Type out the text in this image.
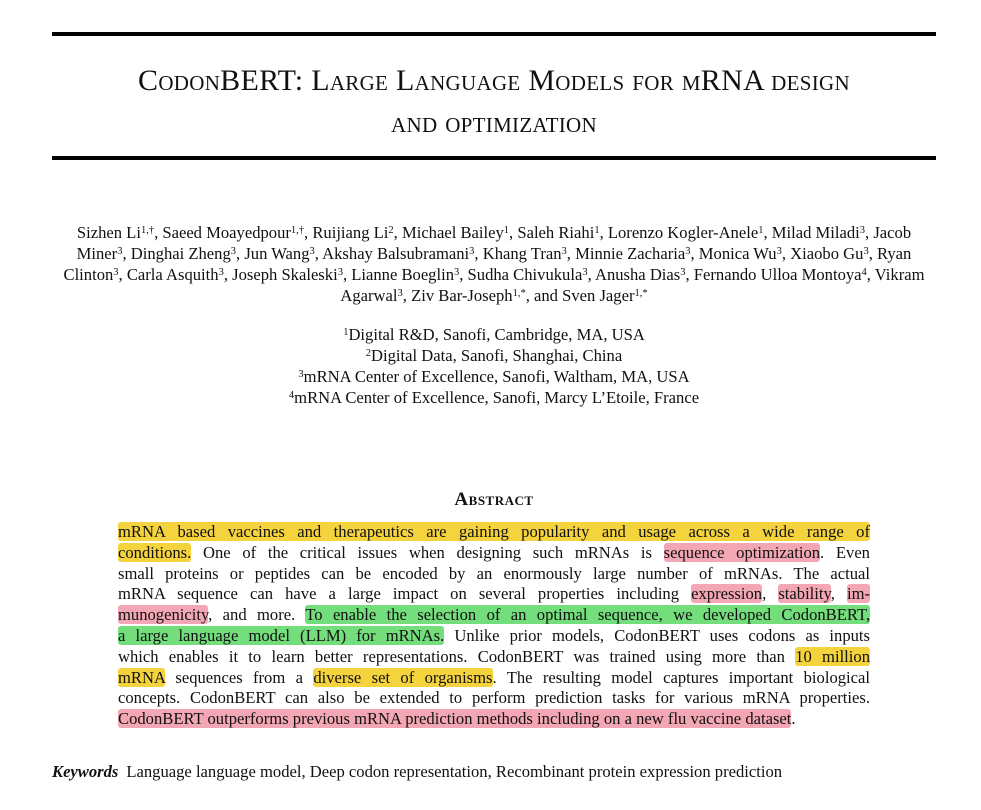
CodonBERT: Large Language Models for mRNA design
and optimization
Sizhen $Li^{1,\dagger}$, Saeed Moayedpour$^{1,\dagger}$, Ruijiang Li$^2$, Michael Bailey$^1$, Saleh Riahi$^1$, Lorenzo Kogler-Anele$^1$, Milad Miladi$^3$, Jacob Miner$^3$, Dinghai Zheng$^3$, Jun Wang$^3$, Akshay Balsubramani$^3$, Khang Tran$^3$, Minnie Zacharia$^3$, Monica Wu$^3$, Xiaobo Gu$^3$, Ryan Clinton$^3$, Carla Asquith$^3$, Joseph Skaleski$^3$, Lianne Boeglin$^3$, Sudha Chivukula$^3$, Anusha Dias$^3$, Fernando Ulloa Montoya$^4$, Vikram Agarwal$^3$, Ziv Bar-Joseph$^{1,*}$, and Sven Jager$^{1,*}$
$^1$Digital R&D, Sanofi, Cambridge, MA, USA
$^2$Digital Data, Sanofi, Shanghai, China
$^3$mRNA Center of Excellence, Sanofi, Waltham, MA, USA
$^4$mRNA Center of Excellence, Sanofi, Marcy L’Etoile, France
Abstract
mRNA based vaccines and therapeutics are gaining popularity and usage across a wide range of
conditions. One of the critical issues when designing such mRNAs is sequence optimization. Even
small proteins or peptides can be encoded by an enormously large number of mRNAs. The actual
mRNA sequence can have a large impact on several properties including expression, stability, im-
munogenicity, and more. To enable the selection of an optimal sequence, we developed CodonBERT,
a large language model (LLM) for mRNAs. Unlike prior models, CodonBERT uses codons as inputs
which enables it to learn better representations. CodonBERT was trained using more than 10 million
mRNA sequences from a diverse set of organisms. The resulting model captures important biological
concepts. CodonBERT can also be extended to perform prediction tasks for various mRNA properties.
CodonBERT outperforms previous mRNA prediction methods including on a new flu vaccine dataset.
Keywords Language language model, Deep codon representation, Recombinant protein expression prediction
